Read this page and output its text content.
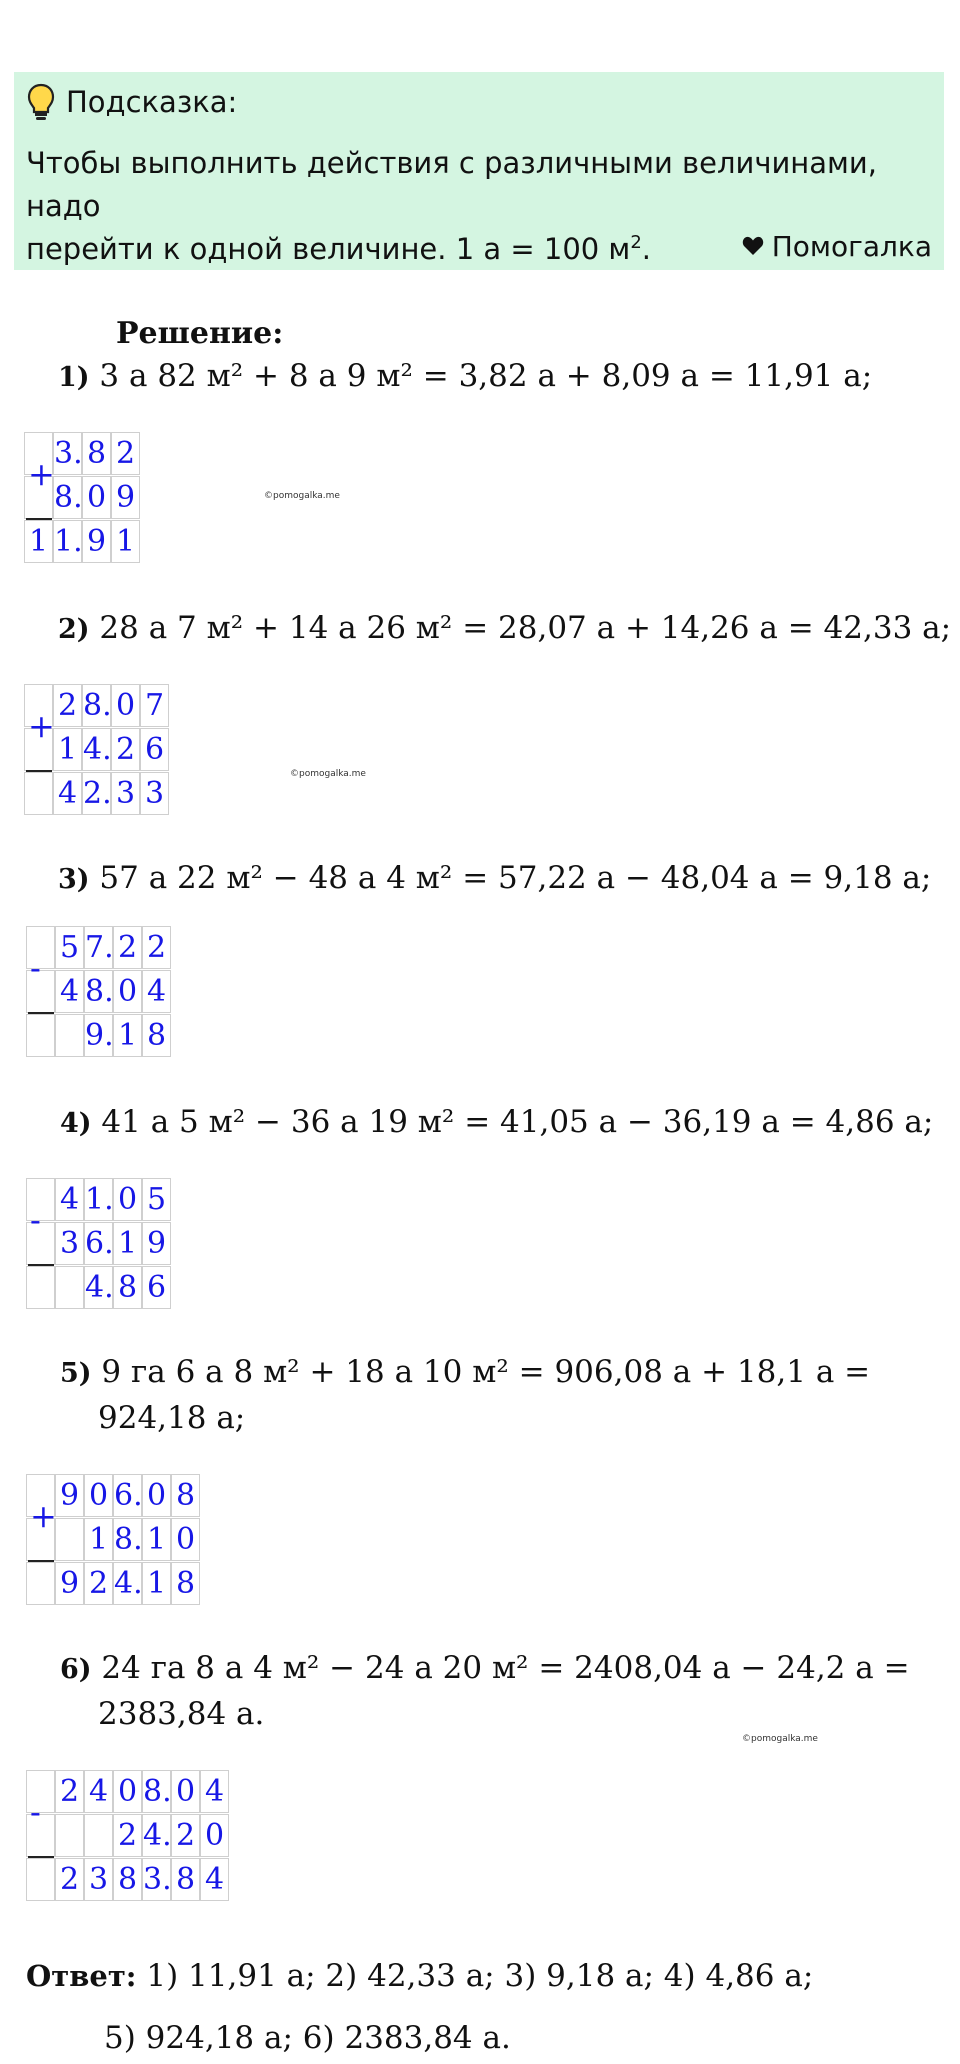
Подсказка:
Чтобы выполнить действия с различными величинами, надо
перейти к одной величине. 1 а = 100 $м^2$.	Помогалка
Решение:
1) 3 а 82 м² + 8 а 9 м² = 3,82 а + 8,09 а = 11,91 а;
2) 28 а 7 м² + 14 а 26 м² = 28,07 а + 14,26 а = 42,33 а;
3) 57 а 22 м² − 48 а 4 м² = 57,22 а − 48,04 а = 9,18 а;
4) 41 а 5 м² − 36 а 19 м² = 41,05 а − 36,19 а = 4,86 а;
5) 9 га 6 а 8 м² + 18 а 10 м² = 906,08 а + 18,1 а =
924,18 а;
6) 24 га 8 а 4 м² − 24 а 20 м² = 2408,04 а − 24,2 а =
2383,84 а.
3. 8 2
8. 0 9
1 1. 9 1
+
2 8. 0 7
1 4. 2 6
4 2. 3 3
+
5 7. 2 2
4 8. 0 4
9. 1 8
-
4 1. 0 5
3 6. 1 9
4. 8 6
-
9 0 6. 0 8
1 8. 1 0
9 2 4. 1 8
+
2 4 0 8. 0 4
2 4. 2 0
2 3 8 3. 8 4
-
©pomogalka.me
©pomogalka.me
©pomogalka.me
Ответ: 1) 11,91 а; 2) 42,33 а; 3) 9,18 а; 4) 4,86 а;
5) 924,18 а; 6) 2383,84 а.
